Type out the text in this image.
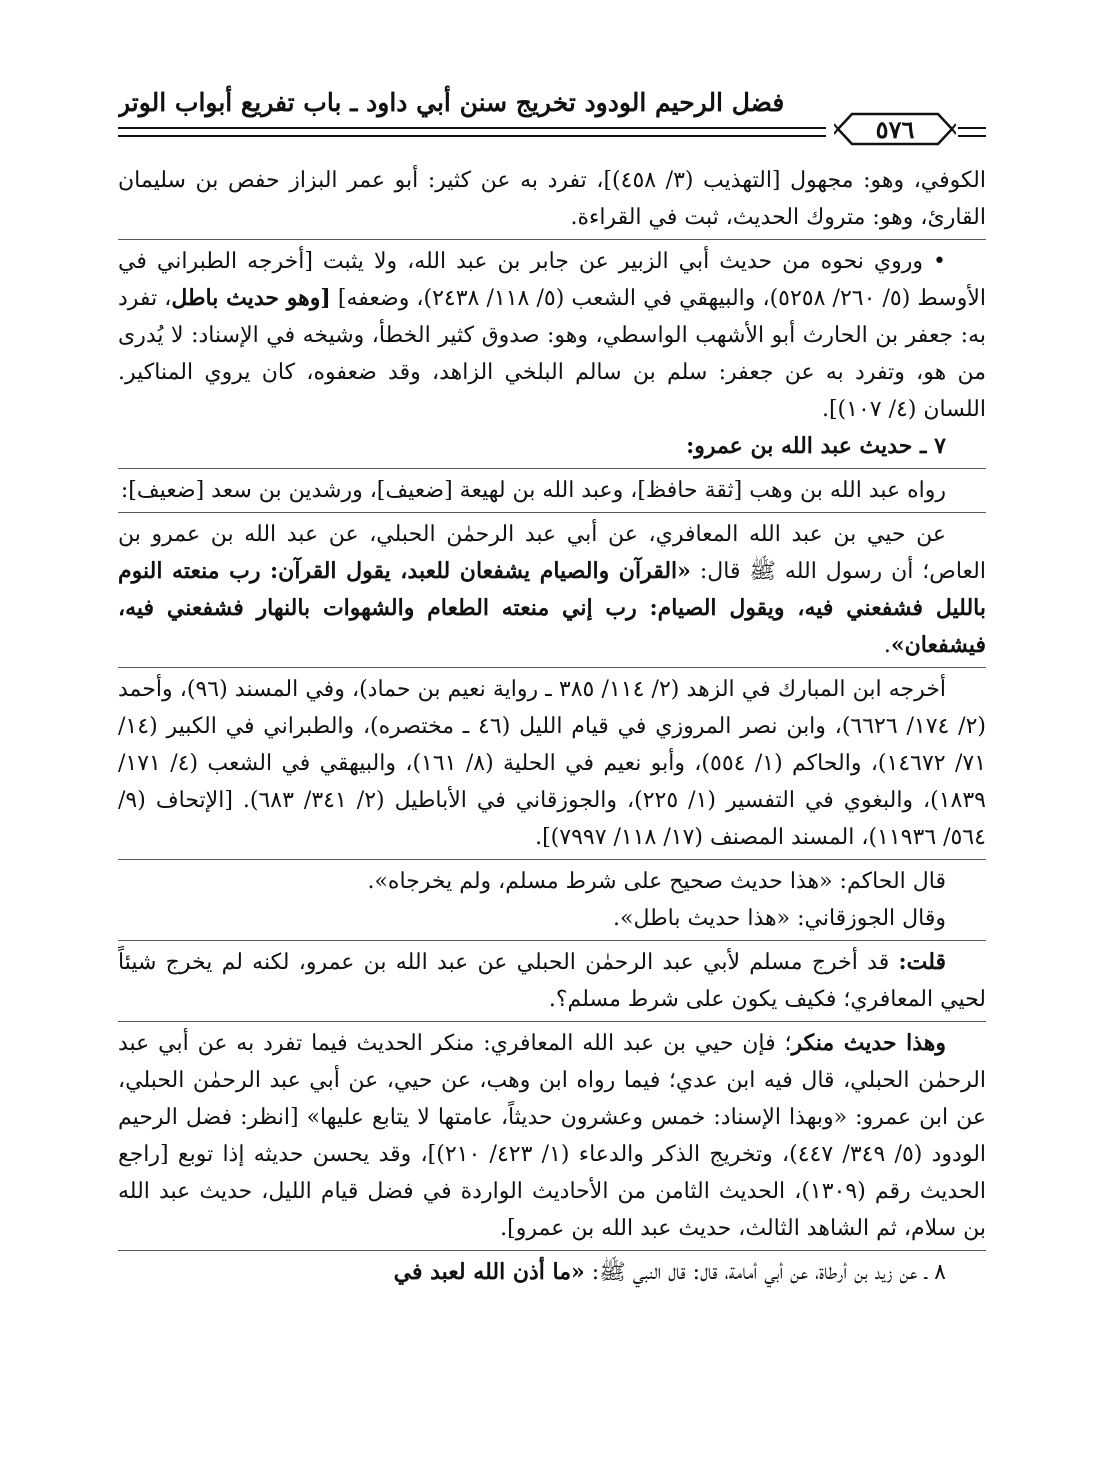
فضل الرحيم الودود تخريج سنن أبي داود ـ باب تفريع أبواب الوتر
٥٧٦

الكوفي، وهو: مجهول [التهذيب (٣/ ٤٥٨)]، تفرد به عن كثير: أبو عمر البزاز حفص بن سليمان القارئ، وهو: متروك الحديث، ثبت في القراءة.

• وروي نحوه من حديث أبي الزبير عن جابر بن عبد الله، ولا يثبت [أخرجه الطبراني في الأوسط (٥/ ٢٦٠/ ٥٢٥٨)، والبيهقي في الشعب (٥/ ١١٨/ ٢٤٣٨)، وضعفه] [وهو حديث باطل، تفرد به: جعفر بن الحارث أبو الأشهب الواسطي، وهو: صدوق كثير الخطأ، وشيخه في الإسناد: لا يُدرى من هو، وتفرد به عن جعفر: سلم بن سالم البلخي الزاهد، وقد ضعفوه، كان يروي المناكير. اللسان (٤/ ١٠٧)].

٧ ـ حديث عبد الله بن عمرو:

رواه عبد الله بن وهب [ثقة حافظ]، وعبد الله بن لهيعة [ضعيف]، ورشدين بن سعد [ضعيف]:

عن حيي بن عبد الله المعافري، عن أبي عبد الرحمٰن الحبلي، عن عبد الله بن عمرو بن العاص؛ أن رسول الله ﷺ قال: «القرآن والصيام يشفعان للعبد، يقول القرآن: رب منعته النوم بالليل فشفعني فيه، ويقول الصيام: رب إني منعته الطعام والشهوات بالنهار فشفعني فيه، فيشفعان».

أخرجه ابن المبارك في الزهد (٢/ ١١٤/ ٣٨٥ ـ رواية نعيم بن حماد)، وفي المسند (٩٦)، وأحمد (٢/ ١٧٤/ ٦٦٢٦)، وابن نصر المروزي في قيام الليل (٤٦ ـ مختصره)، والطبراني في الكبير (١٤/ ٧١/ ١٤٦٧٢)، والحاكم (١/ ٥٥٤)، وأبو نعيم في الحلية (٨/ ١٦١)، والبيهقي في الشعب (٤/ ١٧١/ ١٨٣٩)، والبغوي في التفسير (١/ ٢٢٥)، والجوزقاني في الأباطيل (٢/ ٣٤١/ ٦٨٣). [الإتحاف (٩/ ٥٦٤/ ١١٩٣٦)، المسند المصنف (١٧/ ١١٨/ ٧٩٩٧)].

قال الحاكم: «هذا حديث صحيح على شرط مسلم، ولم يخرجاه».

وقال الجوزقاني: «هذا حديث باطل».

قلت: قد أخرج مسلم لأبي عبد الرحمٰن الحبلي عن عبد الله بن عمرو، لكنه لم يخرج شيئاً لحيي المعافري؛ فكيف يكون على شرط مسلم؟.

وهذا حديث منكر؛ فإن حيي بن عبد الله المعافري: منكر الحديث فيما تفرد به عن أبي عبد الرحمٰن الحبلي، قال فيه ابن عدي؛ فيما رواه ابن وهب، عن حيي، عن أبي عبد الرحمٰن الحبلي، عن ابن عمرو: «وبهذا الإسناد: خمس وعشرون حديثاً، عامتها لا يتابع عليها» [انظر: فضل الرحيم الودود (٥/ ٣٤٩/ ٤٤٧)، وتخريج الذكر والدعاء (١/ ٤٢٣/ ٢١٠)]، وقد يحسن حديثه إذا توبع [راجع الحديث رقم (١٣٠٩)، الحديث الثامن من الأحاديث الواردة في فضل قيام الليل، حديث عبد الله بن سلام، ثم الشاهد الثالث، حديث عبد الله بن عمرو].

٨ ـ عن زيد بن أرطاة، عن أبي أمامة، قال: قال النبي ﷺ: «ما أذن الله لعبد في
